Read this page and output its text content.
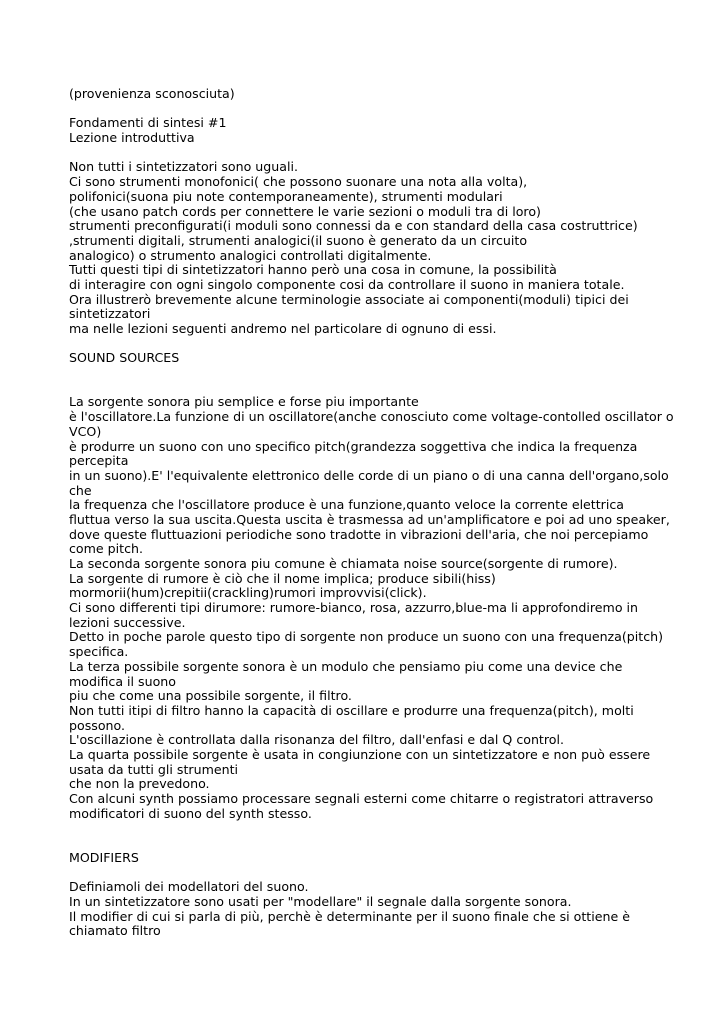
(provenienza sconosciuta)
Fondamenti di sintesi #1
Lezione introduttiva
Non tutti i sintetizzatori sono uguali.
Ci sono strumenti monofonici( che possono suonare una nota alla volta),
polifonici(suona piu note contemporaneamente), strumenti modulari
(che usano patch cords per connettere le varie sezioni o moduli tra di loro)
strumenti preconfigurati(i moduli sono connessi da e con standard della casa costruttrice)
,strumenti digitali, strumenti analogici(il suono è generato da un circuito
analogico) o strumento analogici controllati digitalmente.
Tutti questi tipi di sintetizzatori hanno però una cosa in comune, la possibilità
di interagire con ogni singolo componente cosi da controllare il suono in maniera totale.
Ora illustrerò brevemente alcune terminologie associate ai componenti(moduli) tipici dei
sintetizzatori
ma nelle lezioni seguenti andremo nel particolare di ognuno di essi.
SOUND SOURCES
La sorgente sonora piu semplice e forse piu importante
è l'oscillatore.La funzione di un oscillatore(anche conosciuto come voltage-contolled oscillator o
VCO)
è produrre un suono con uno specifico pitch(grandezza soggettiva che indica la frequenza
percepita
in un suono).E' l'equivalente elettronico delle corde di un piano o di una canna dell'organo,solo
che
la frequenza che l'oscillatore produce è una funzione,quanto veloce la corrente elettrica
fluttua verso la sua uscita.Questa uscita è trasmessa ad un'amplificatore e poi ad uno speaker,
dove queste fluttuazioni periodiche sono tradotte in vibrazioni dell'aria, che noi percepiamo
come pitch.
La seconda sorgente sonora piu comune è chiamata noise source(sorgente di rumore).
La sorgente di rumore è ciò che il nome implica; produce sibili(hiss)
mormorii(hum)crepitii(crackling)rumori improvvisi(click).
Ci sono differenti tipi dirumore: rumore-bianco, rosa, azzurro,blue-ma li approfondiremo in
lezioni successive.
Detto in poche parole questo tipo di sorgente non produce un suono con una frequenza(pitch)
specifica.
La terza possibile sorgente sonora è un modulo che pensiamo piu come una device che
modifica il suono
piu che come una possibile sorgente, il filtro.
Non tutti itipi di filtro hanno la capacità di oscillare e produrre una frequenza(pitch), molti
possono.
L'oscillazione è controllata dalla risonanza del filtro, dall'enfasi e dal Q control.
La quarta possibile sorgente è usata in congiunzione con un sintetizzatore e non può essere
usata da tutti gli strumenti
che non la prevedono.
Con alcuni synth possiamo processare segnali esterni come chitarre o registratori attraverso
modificatori di suono del synth stesso.
MODIFIERS
Definiamoli dei modellatori del suono.
In un sintetizzatore sono usati per "modellare" il segnale dalla sorgente sonora.
Il modifier di cui si parla di più, perchè è determinante per il suono finale che si ottiene è
chiamato filtro
